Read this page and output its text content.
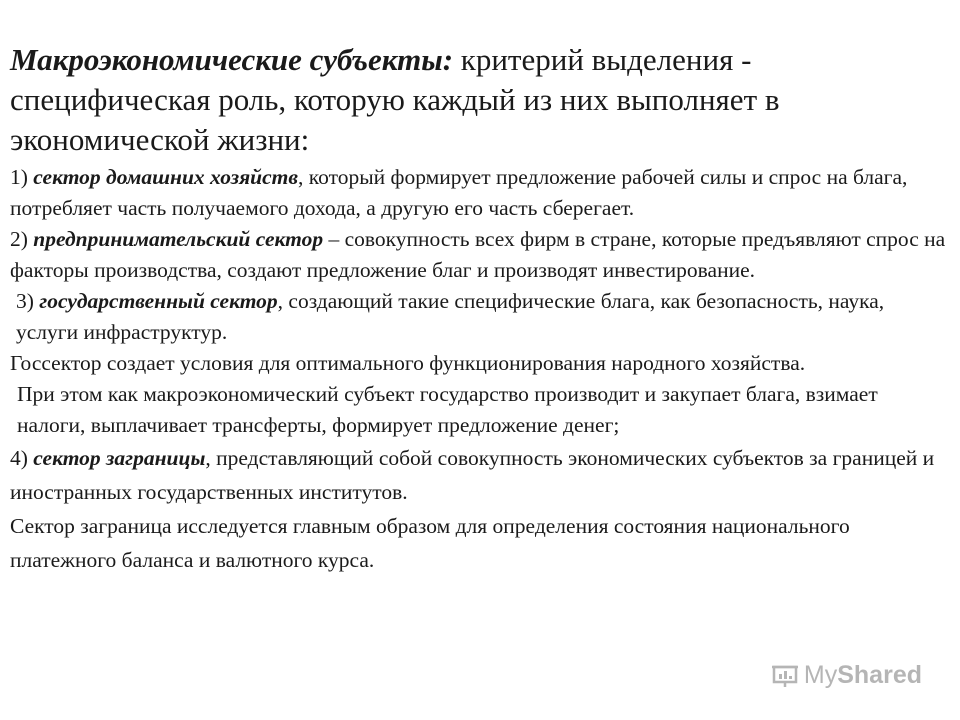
Макроэкономические субъекты: критерий выделения - специфическая роль, которую каждый из них выполняет в экономической жизни:

1) сектор домашних хозяйств, который формирует предложение рабочей силы и спрос на блага, потребляет часть получаемого дохода, а другую его часть сберегает.

2) предпринимательский сектор – совокупность всех фирм в стране, которые предъявляют спрос на факторы производства, создают предложение благ и производят инвестирование.

3) государственный сектор, создающий такие специфические блага, как безопасность, наука, услуги инфраструктур.

Госсектор создает условия для оптимального функционирования народного хозяйства.

При этом как макроэкономический субъект государство производит и закупает блага, взимает налоги, выплачивает трансферты, формирует предложение денег;

4) сектор заграницы, представляющий собой совокупность экономических субъектов за границей и иностранных государственных институтов.

Сектор заграница исследуется главным образом для определения состояния национального платежного баланса и валютного курса.

MyShared
